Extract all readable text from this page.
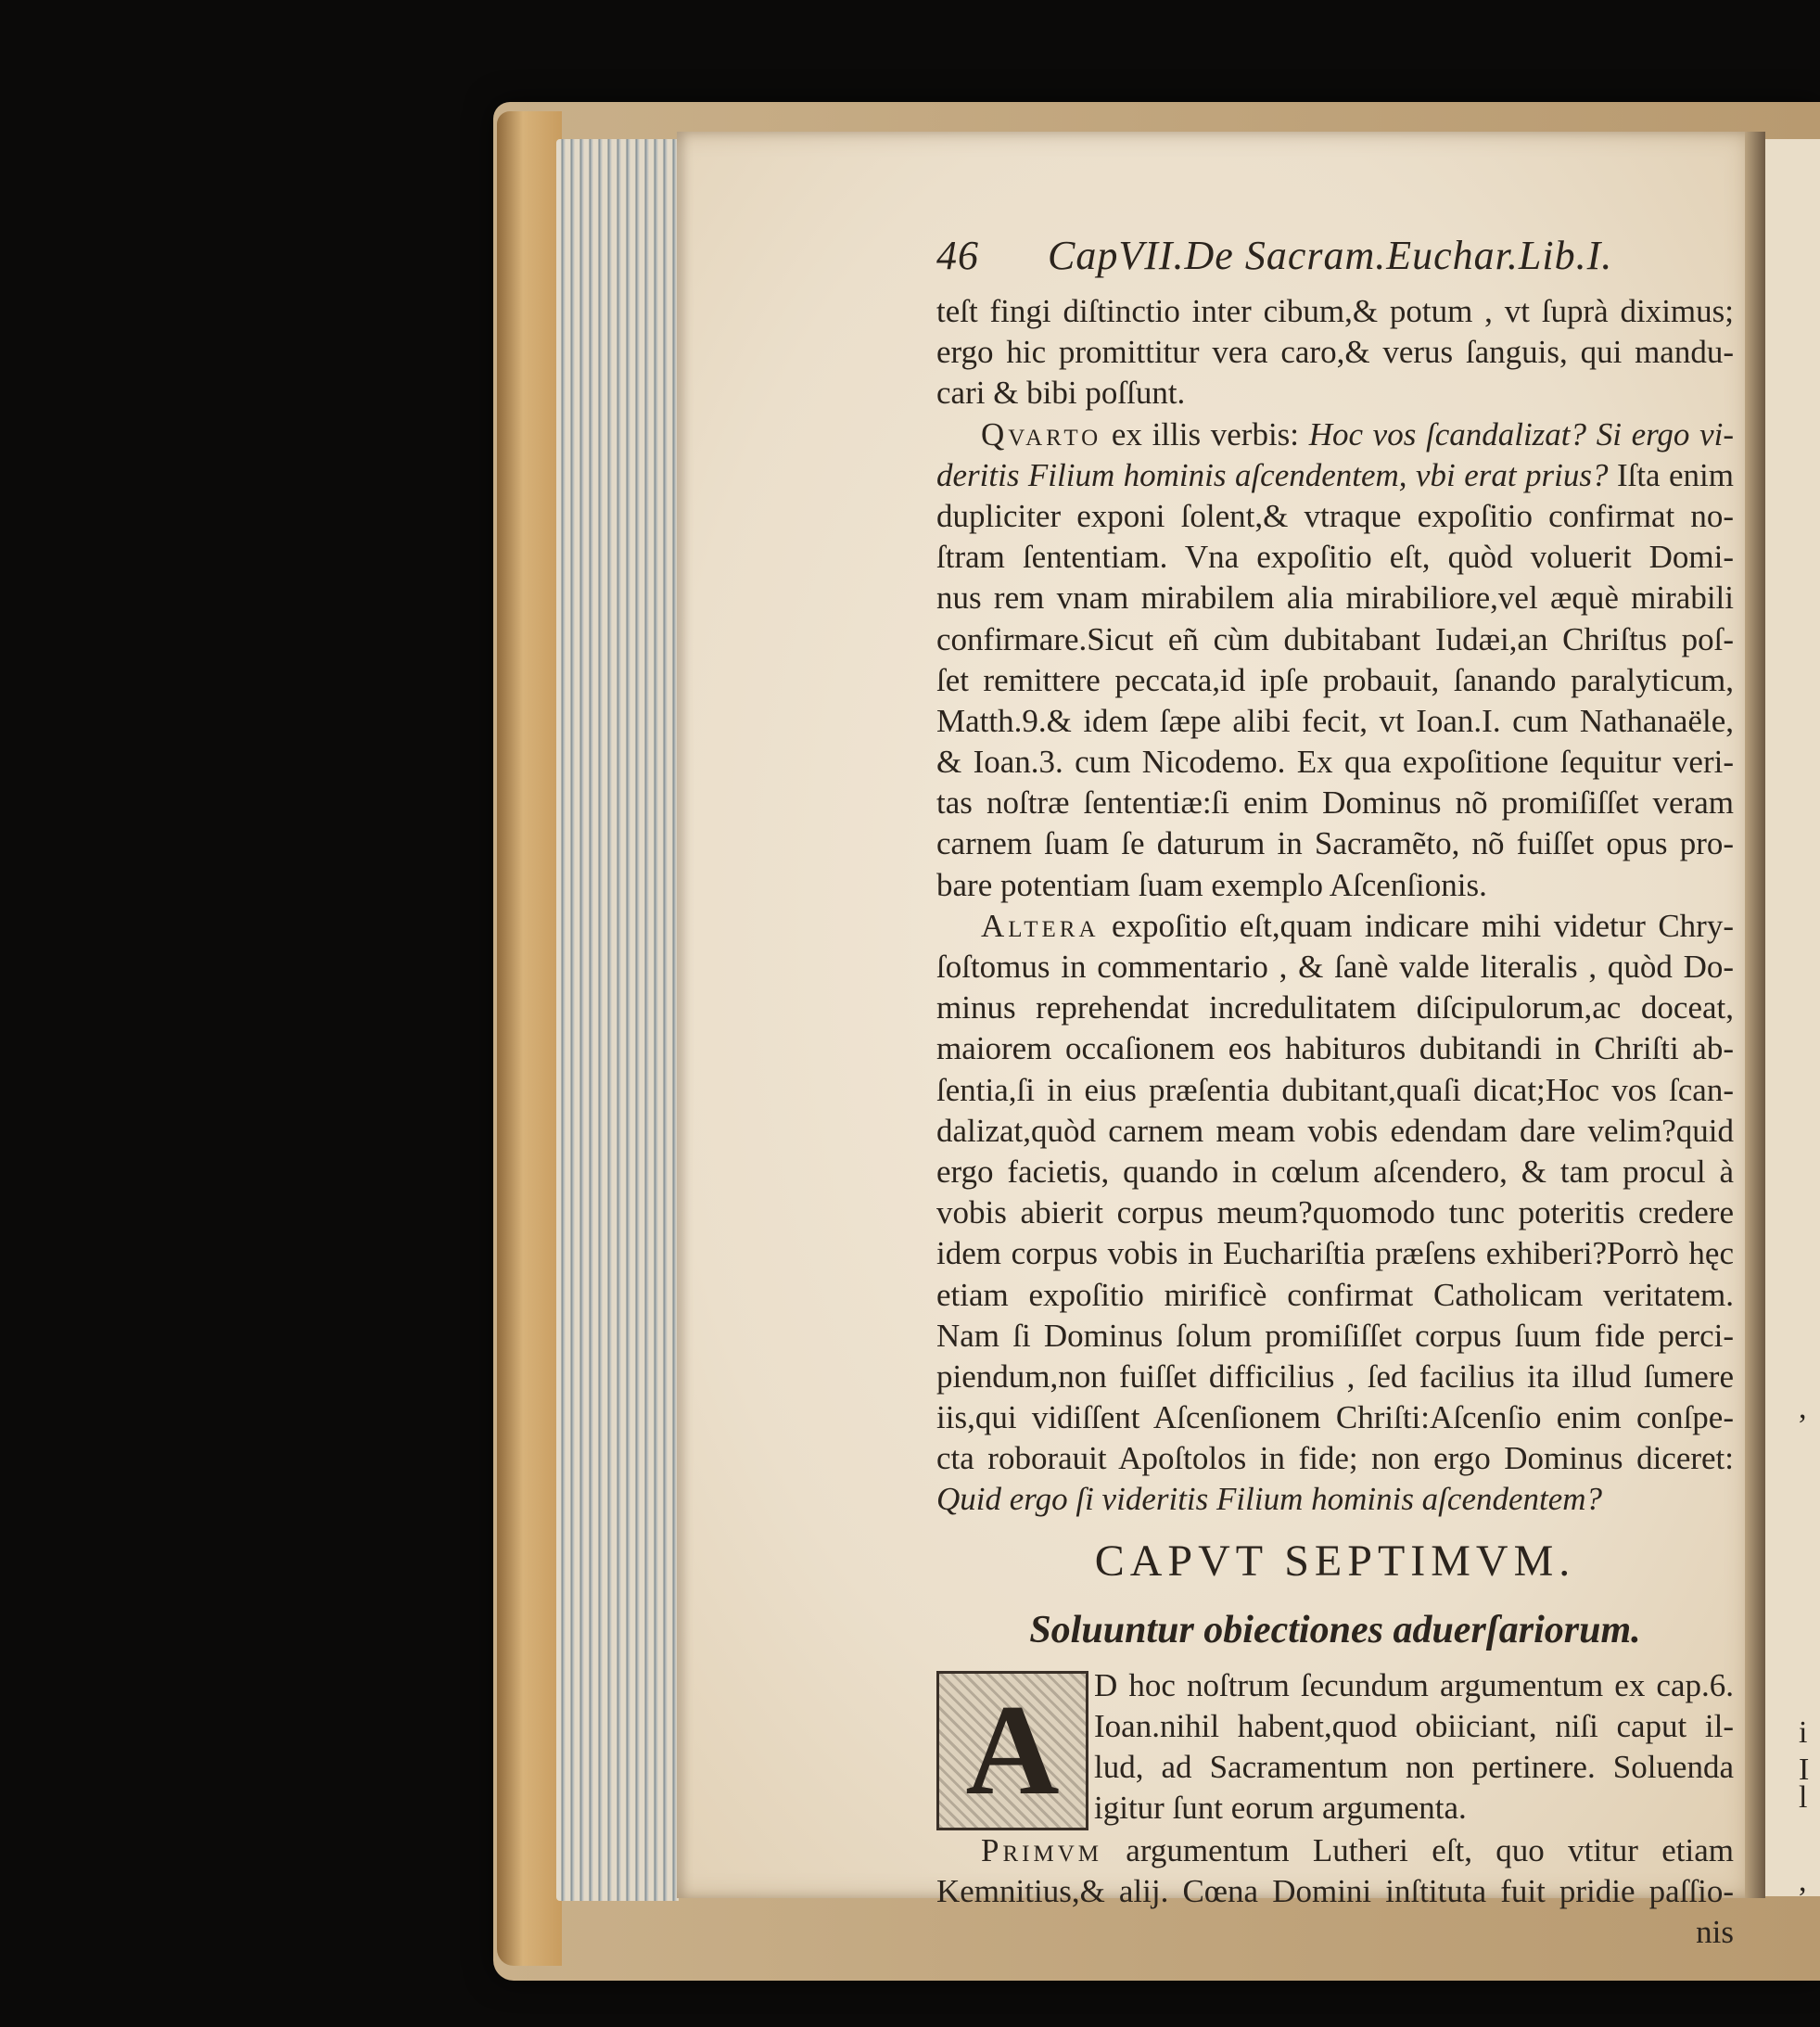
l
,
I
i
,
46	CapVII.De Sacram.Euchar.Lib.I.
teſt fingi diſtinctio inter cibum,& potum , vt ſuprà diximus;
ergo hic promittitur vera caro,& verus ſanguis, qui mandu-
cari & bibi poſſunt.
Qvarto ex illis verbis: Hoc vos ſcandalizat? Si ergo vi-
deritis Filium hominis aſcendentem, vbi erat prius? Iſta enim
dupliciter exponi ſolent,& vtraque expoſitio confirmat no-
ſtram ſententiam. Vna expoſitio eſt, quòd voluerit Domi-
nus rem vnam mirabilem alia mirabiliore,vel æquè mirabili
confirmare.Sicut eñ cùm dubitabant Iudæi,an Chriſtus poſ-
ſet remittere peccata,id ipſe probauit, ſanando paralyticum,
Matth.9.& idem ſæpe alibi fecit, vt Ioan.I. cum Nathanaële,
& Ioan.3. cum Nicodemo. Ex qua expoſitione ſequitur veri-
tas noſtræ ſententiæ:ſi enim Dominus nõ promiſiſſet veram
carnem ſuam ſe daturum in Sacramẽto, nõ fuiſſet opus pro-
bare potentiam ſuam exemplo Aſcenſionis.
Altera expoſitio eſt,quam indicare mihi videtur Chry-
ſoſtomus in commentario , & ſanè valde literalis , quòd Do-
minus reprehendat incredulitatem diſcipulorum,ac doceat,
maiorem occaſionem eos habituros dubitandi in Chriſti ab-
ſentia,ſi in eius præſentia dubitant,quaſi dicat;Hoc vos ſcan-
dalizat,quòd carnem meam vobis edendam dare velim?quid
ergo facietis, quando in cœlum aſcendero, & tam procul à
vobis abierit corpus meum?quomodo tunc poteritis credere
idem corpus vobis in Euchariſtia præſens exhiberi?Porrò hęc
etiam expoſitio mirificè confirmat Catholicam veritatem.
Nam ſi Dominus ſolum promiſiſſet corpus ſuum fide perci-
piendum,non fuiſſet difficilius , ſed facilius ita illud ſumere
iis,qui vidiſſent Aſcenſionem Chriſti:Aſcenſio enim conſpe-
cta roborauit Apoſtolos in fide; non ergo Dominus diceret:
Quid ergo ſi videritis Filium hominis aſcendentem?
CAPVT SEPTIMVM.
Soluuntur obiectiones aduerſariorum.
A	D hoc noſtrum ſecundum argumentum ex cap.6.
Ioan.nihil habent,quod obiiciant, niſi caput il-
lud, ad Sacramentum non pertinere. Soluenda
igitur ſunt eorum argumenta.
Primvm argumentum Lutheri eſt, quo vtitur etiam
Kemnitius,& alij. Cœna Domini inſtituta fuit pridie paſſio-
nis
